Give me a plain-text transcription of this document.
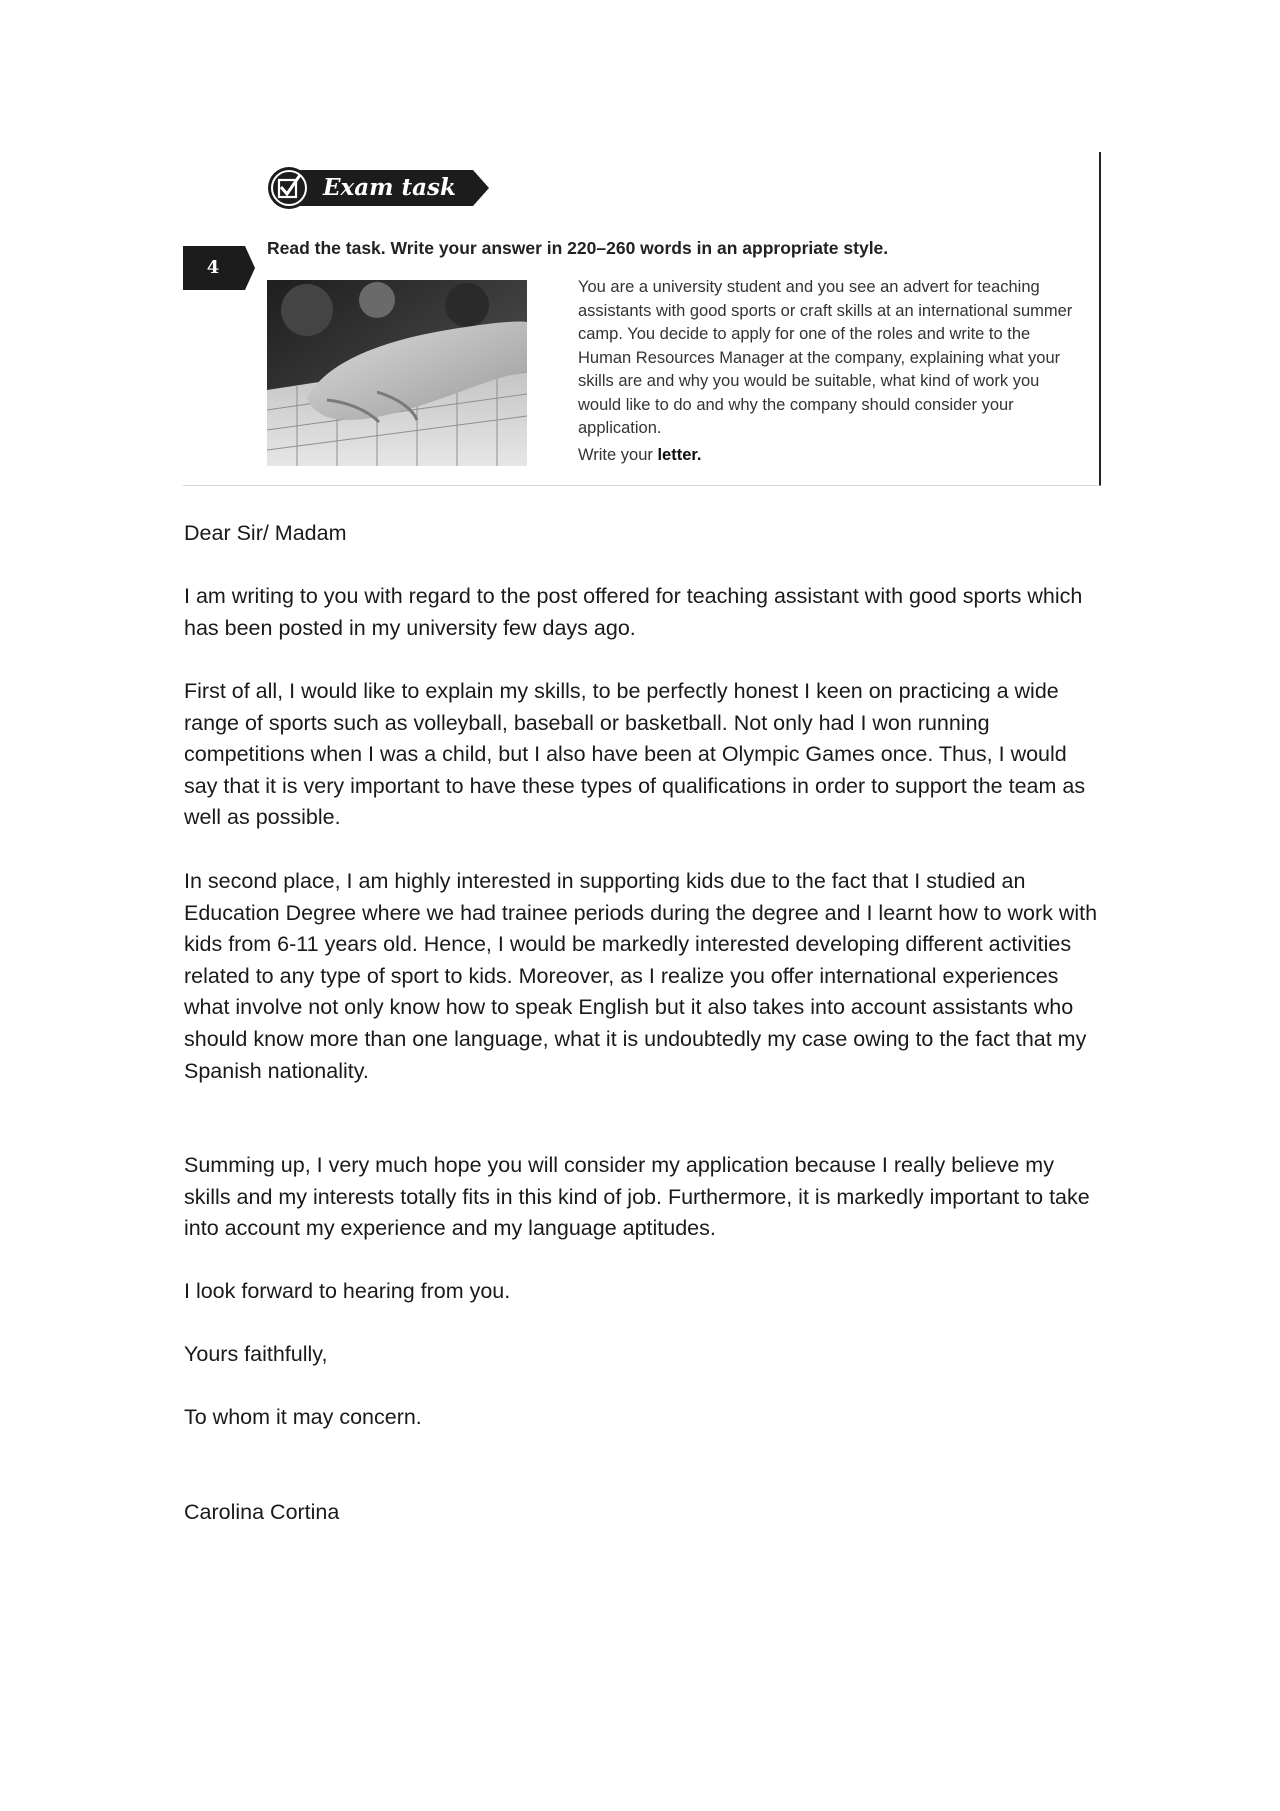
Exam task
4
Read the task. Write your answer in 220–260 words in an appropriate style.

You are a university student and you see an advert for teaching assistants with good sports or craft skills at an international summer camp. You decide to apply for one of the roles and write to the Human Resources Manager at the company, explaining what your skills are and why you would be suitable, what kind of work you would like to do and why the company should consider your application.

Write your letter.

Dear Sir/ Madam

I am writing to you with regard to the post offered for teaching assistant with good sports which has been posted in my university few days ago.

First of all, I would like to explain my skills, to be perfectly honest I keen on practicing a wide range of sports such as volleyball, baseball or basketball. Not only had I won running competitions when I was a child, but I also have been at Olympic Games once. Thus, I would say that it is very important to have these types of qualifications in order to support the team as well as possible.

In second place, I am highly interested in supporting kids due to the fact that I studied an Education Degree where we had trainee periods during the degree and I learnt how to work with kids from 6-11 years old. Hence, I would be markedly interested developing different activities related to any type of sport to kids. Moreover, as I realize you offer international experiences what involve not only know how to speak English but it also takes into account assistants who should know more than one language, what it is undoubtedly my case owing to the fact that my Spanish nationality.

Summing up, I very much hope you will consider my application because I really believe my skills and my interests totally fits in this kind of job. Furthermore, it is markedly important to take into account my experience and my language aptitudes.

I look forward to hearing from you.

Yours faithfully,

To whom it may concern.

Carolina Cortina
